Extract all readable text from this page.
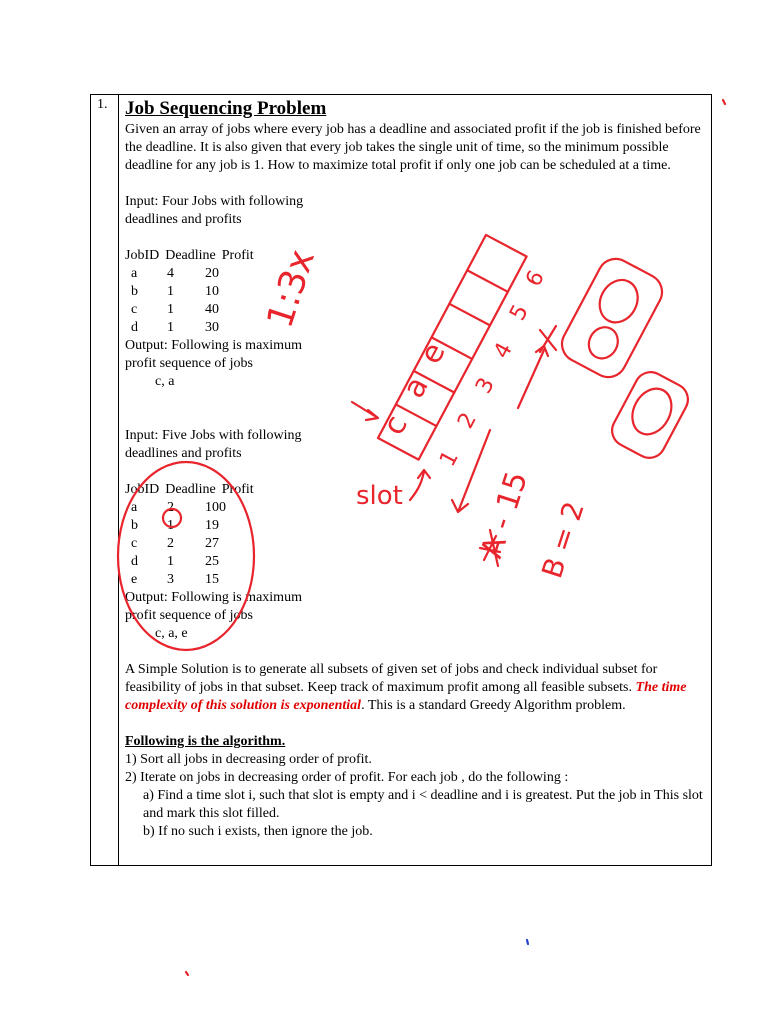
1. Job Sequencing Problem

Given an array of jobs where every job has a deadline and associated profit if the job is finished before the deadline. It is also given that every job takes the single unit of time, so the minimum possible deadline for any job is 1. How to maximize total profit if only one job can be scheduled at a time.

Input: Four Jobs with following deadlines and profits

JobID Deadline Profit
a	4	20
b	1	10
c	1	40
d	1	30

Output: Following is maximum profit sequence of jobs

c, a

Input: Five Jobs with following deadlines and profits

JobID Deadline Profit
a	2	100
b	1	19
c	2	27
d	1	25
e	3	15

Output: Following is maximum profit sequence of jobs

c, a, e

A Simple Solution is to generate all subsets of given set of jobs and check individual subset for feasibility of jobs in that subset. Keep track of maximum profit among all feasible subsets. The time complexity of this solution is exponential. This is a standard Greedy Algorithm problem.

Following is the algorithm.

1) Sort all jobs in decreasing order of profit.

2) Iterate on jobs in decreasing order of profit. For each job , do the following :

a) Find a time slot i, such that slot is empty and i < deadline and i is greatest. Put the job in This slot and mark this slot filled.

b) If no such i exists, then ignore the job.

c
a
e
1
2
3
4
5
6
slot
1:3x
A - 15 B = 2
